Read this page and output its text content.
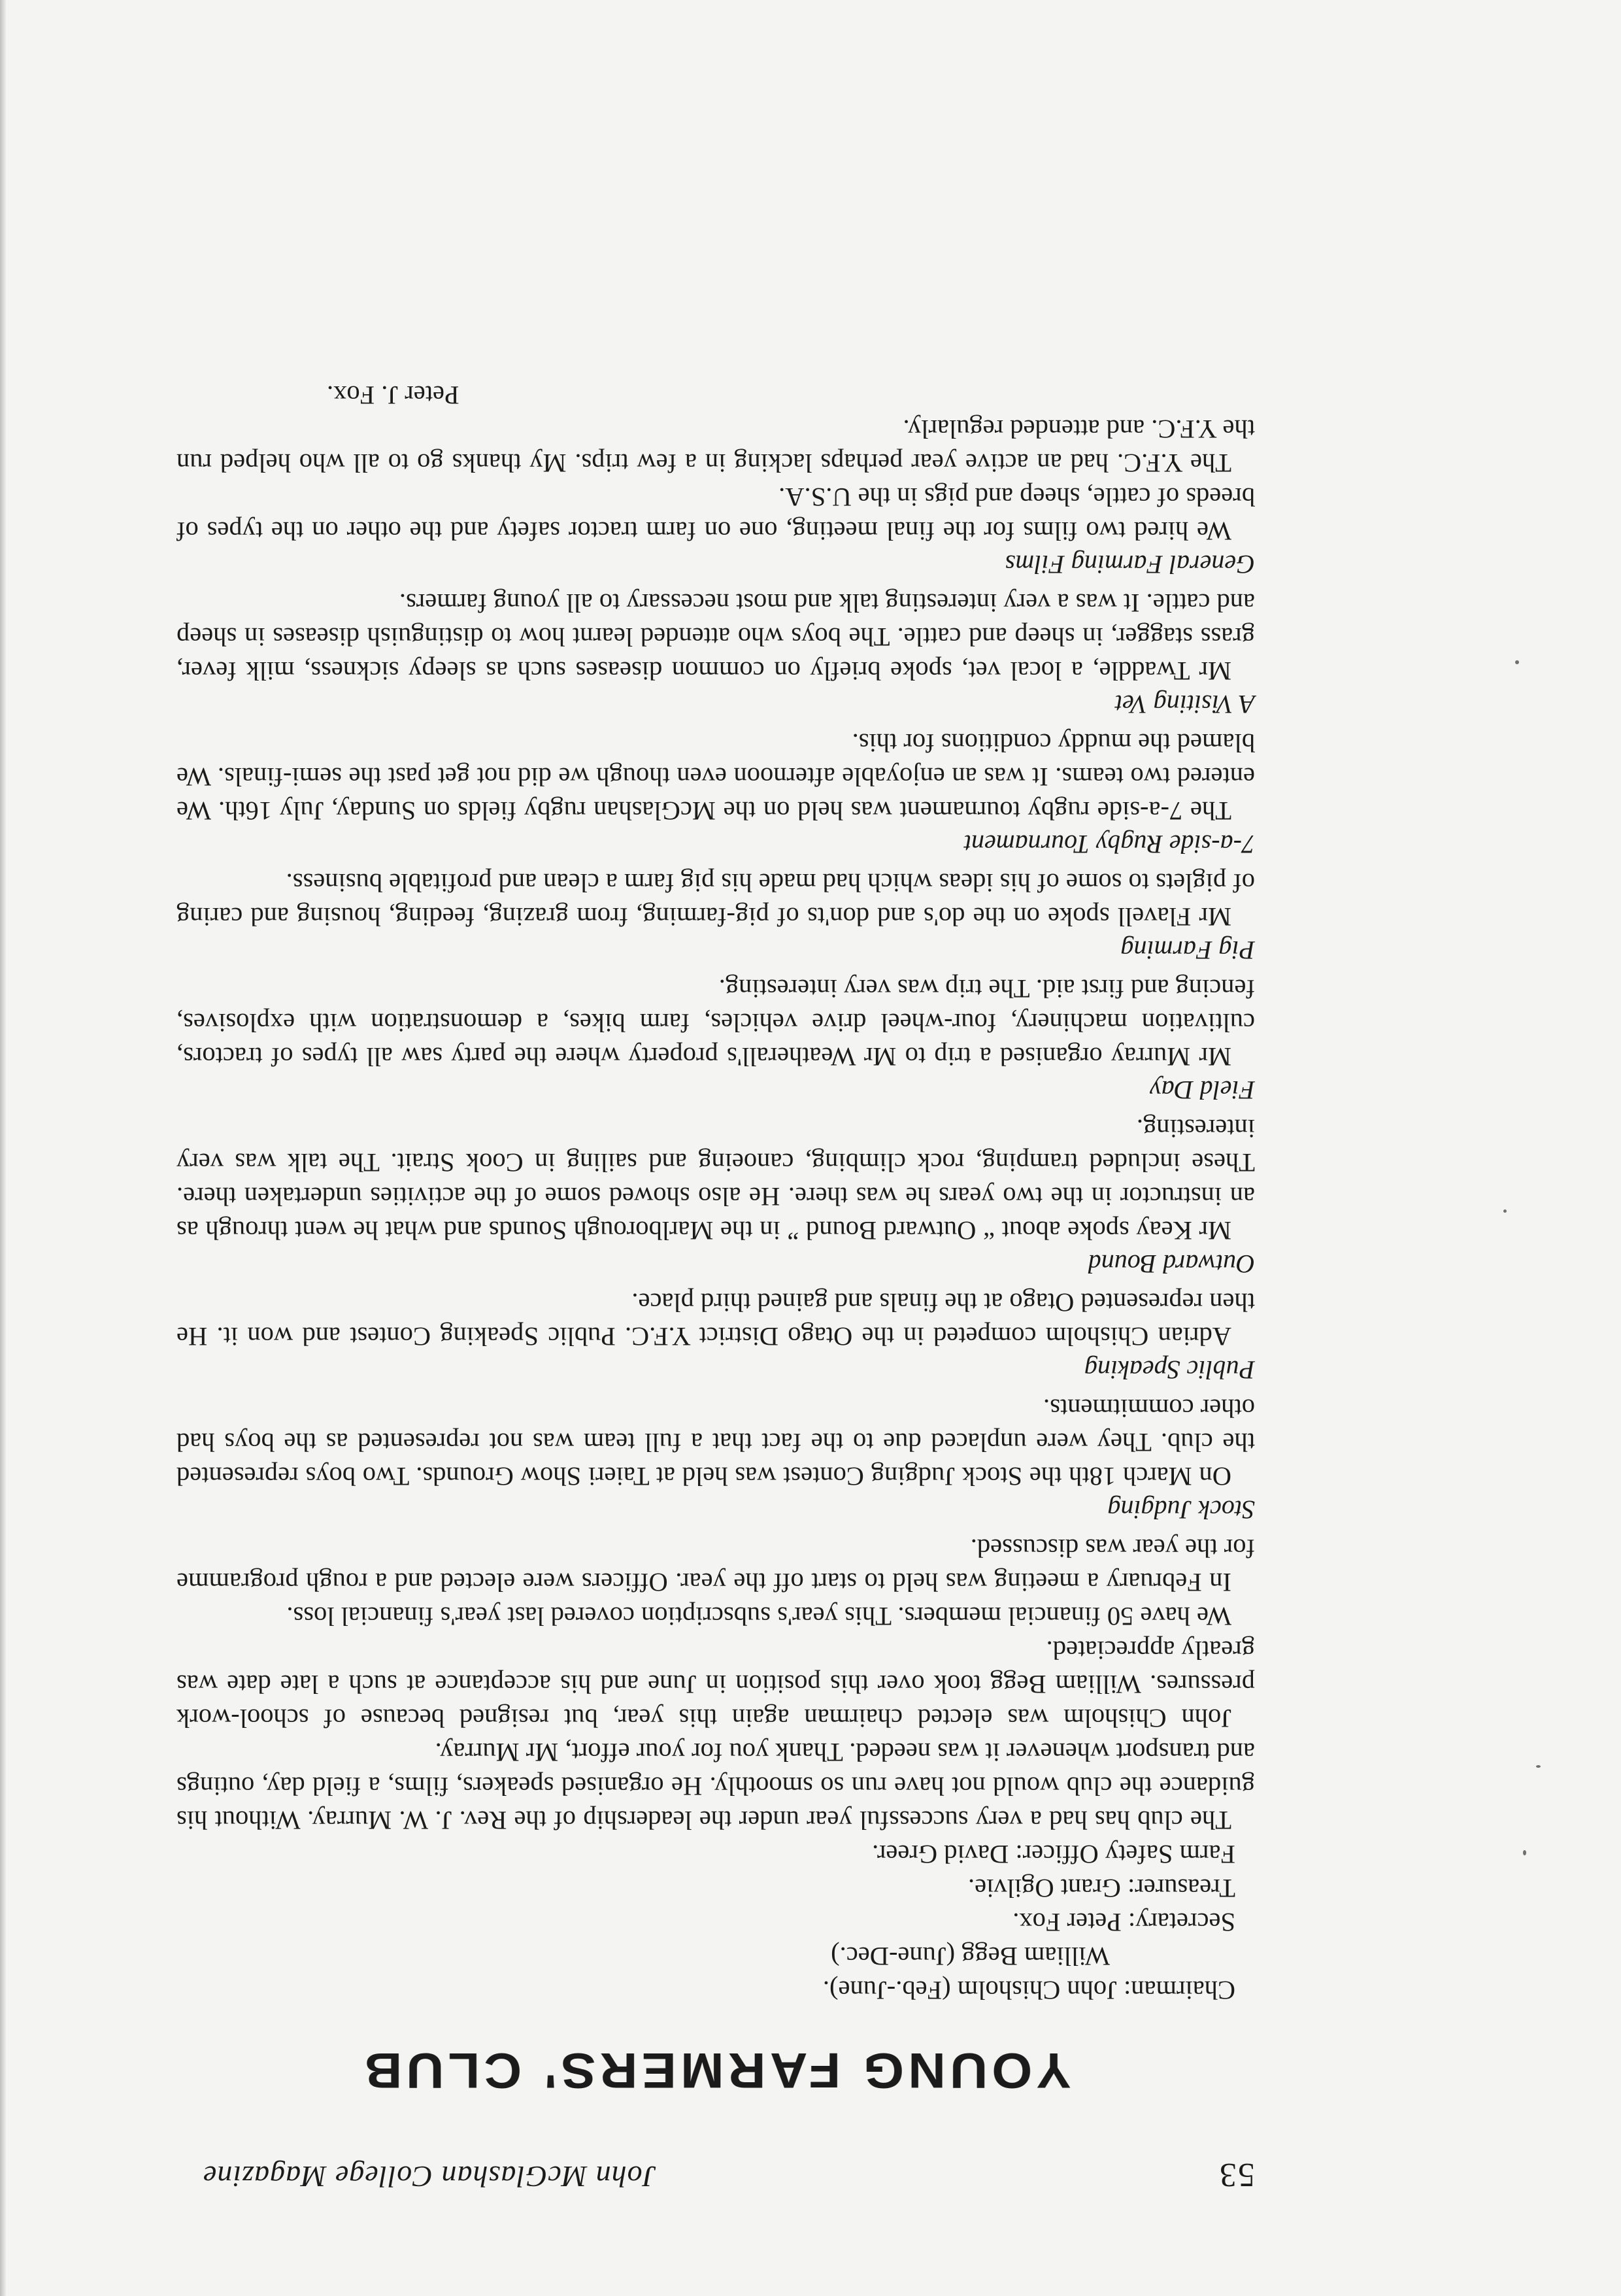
53
John McGlashan College Magazine
YOUNG FARMERS' CLUB
Chairman: John Chisholm (Feb.-June).
William Begg (June-Dec.)
Secretary: Peter Fox.
Treasurer: Grant Ogilvie.
Farm Safety Officer: David Greer.

The club has had a very successful year under the leadership of the Rev. J. W. Murray. Without his guidance the club would not have run so smoothly. He organised speakers, films, a field day, outings and transport whenever it was needed. Thank you for your effort, Mr Murray.

John Chisholm was elected chairman again this year, but resigned because of school-work pressures. William Begg took over this position in June and his acceptance at such a late date was greatly appreciated.

We have 50 financial members. This year's subscription covered last year's financial loss.

In February a meeting was held to start off the year. Officers were elected and a rough programme for the year was discussed.

Stock Judging

On March 18th the Stock Judging Contest was held at Taieri Show Grounds. Two boys represented the club. They were unplaced due to the fact that a full team was not represented as the boys had other commitments.

Public Speaking

Adrian Chisholm competed in the Otago District Y.F.C. Public Speaking Contest and won it. He then represented Otago at the finals and gained third place.

Outward Bound

Mr Keay spoke about “ Outward Bound ” in the Marlborough Sounds and what he went through as an instructor in the two years he was there. He also showed some of the activities undertaken there. These included tramping, rock climbing, canoeing and sailing in Cook Strait. The talk was very interesting.

Field Day

Mr Murray organised a trip to Mr Weatherall's property where the party saw all types of tractors, cultivation machinery, four-wheel drive vehicles, farm bikes, a demonstration with explosives, fencing and first aid. The trip was very interesting.

Pig Farming

Mr Flavell spoke on the do's and don'ts of pig-farming, from grazing, feeding, housing and caring of piglets to some of his ideas which had made his pig farm a clean and profitable business.

7-a-side Rugby Tournament

The 7-a-side rugby tournament was held on the McGlashan rugby fields on Sunday, July 16th. We entered two teams. It was an enjoyable afternoon even though we did not get past the semi-finals. We blamed the muddy conditions for this.

A Visiting Vet

Mr Twaddle, a local vet, spoke briefly on common diseases such as sleepy sickness, milk fever, grass stagger, in sheep and cattle. The boys who attended learnt how to distinguish diseases in sheep and cattle. It was a very interesting talk and most necessary to all young farmers.

General Farming Films

We hired two films for the final meeting, one on farm tractor safety and the other on the types of breeds of cattle, sheep and pigs in the U.S.A.

The Y.F.C. had an active year perhaps lacking in a few trips. My thanks go to all who helped run the Y.F.C. and attended regularly.

Peter J. Fox.
